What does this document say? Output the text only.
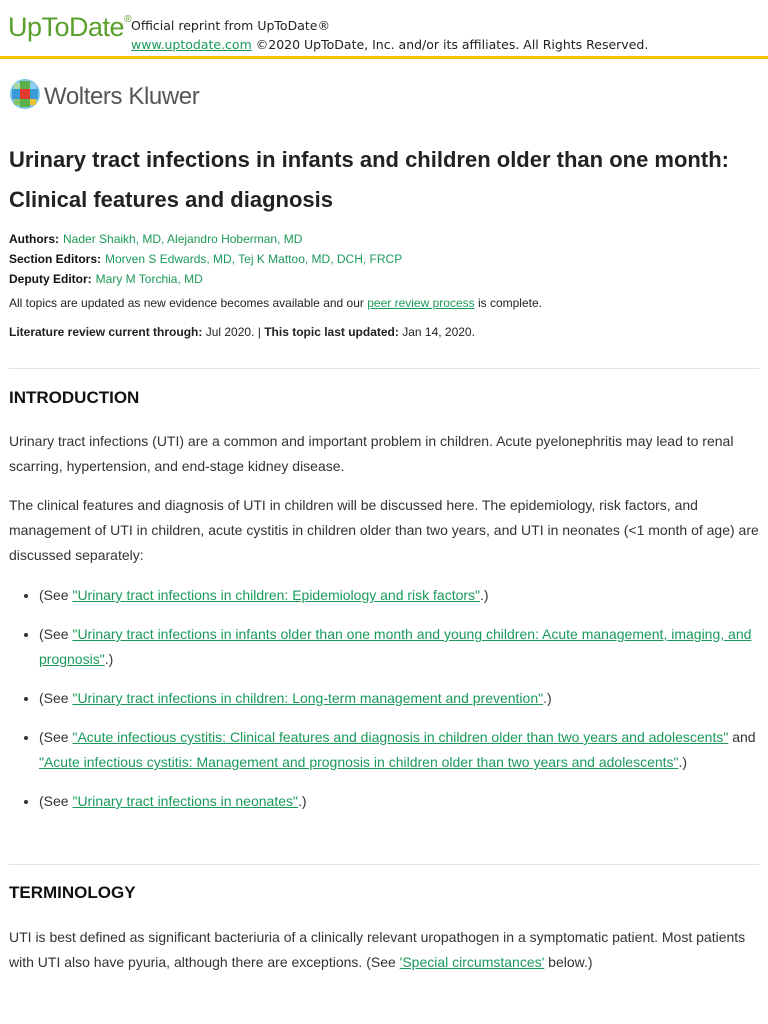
UpToDate® Official reprint from UpToDate®
www.uptodate.com ©2020 UpToDate, Inc. and/or its affiliates. All Rights Reserved.
Wolters Kluwer
Urinary tract infections in infants and children older than one month: Clinical features and diagnosis
Authors: Nader Shaikh, MD, Alejandro Hoberman, MD
Section Editors: Morven S Edwards, MD, Tej K Mattoo, MD, DCH, FRCP
Deputy Editor: Mary M Torchia, MD
All topics are updated as new evidence becomes available and our peer review process is complete.
Literature review current through: Jul 2020. | This topic last updated: Jan 14, 2020.
INTRODUCTION

Urinary tract infections (UTI) are a common and important problem in children. Acute pyelonephritis may lead to renal scarring, hypertension, and end-stage kidney disease.

The clinical features and diagnosis of UTI in children will be discussed here. The epidemiology, risk factors, and management of UTI in children, acute cystitis in children older than two years, and UTI in neonates (<1 month of age) are discussed separately:

• (See "Urinary tract infections in children: Epidemiology and risk factors".)
• (See "Urinary tract infections in infants older than one month and young children: Acute management, imaging, and prognosis".)
• (See "Urinary tract infections in children: Long-term management and prevention".)
• (See "Acute infectious cystitis: Clinical features and diagnosis in children older than two years and adolescents" and "Acute infectious cystitis: Management and prognosis in children older than two years and adolescents".)
• (See "Urinary tract infections in neonates".)
TERMINOLOGY

UTI is best defined as significant bacteriuria of a clinically relevant uropathogen in a symptomatic patient. Most patients with UTI also have pyuria, although there are exceptions. (See 'Special circumstances' below.)
